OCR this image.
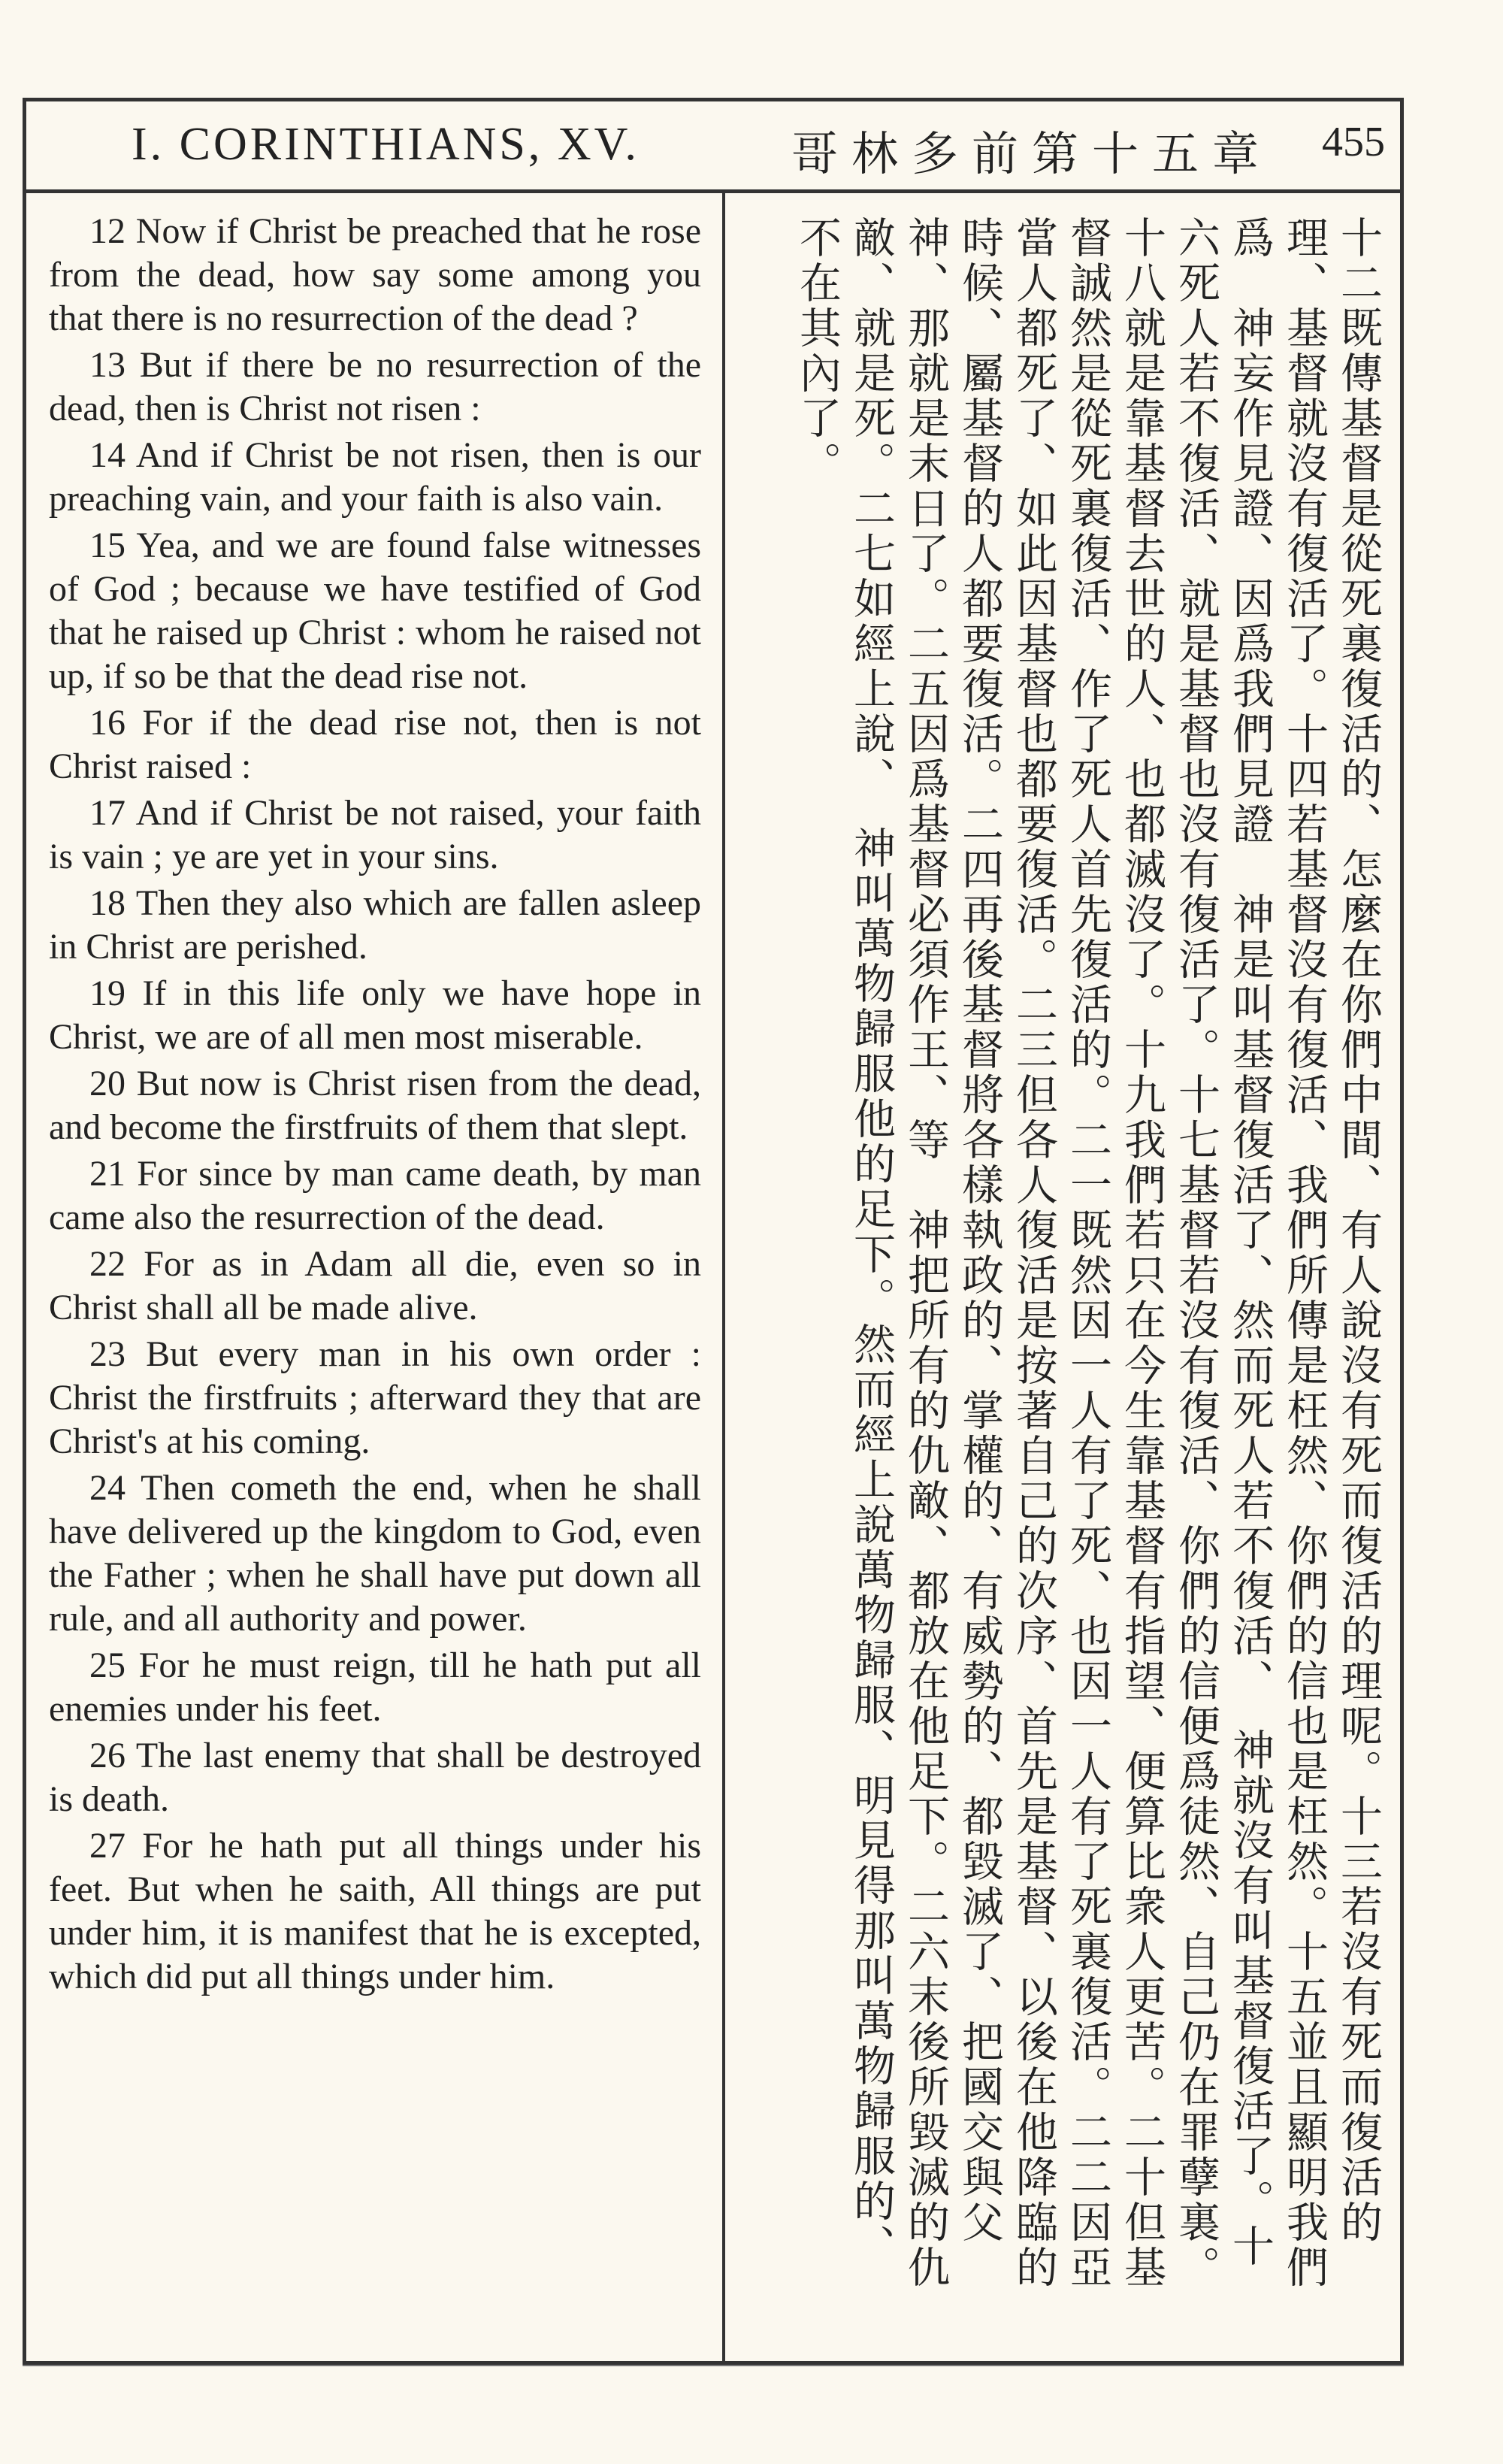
I. CORINTHIANS, XV.	哥林多前第十五章 455

12 Now if Christ be preached that he rose from the dead, how say some among you that there is no resurrection of the dead ?

13 But if there be no resurrection of the dead, then is Christ not risen :

14 And if Christ be not risen, then is our preaching vain, and your faith is also vain.

15 Yea, and we are found false witnesses of God ; because we have testified of God that he raised up Christ : whom he raised not up, if so be that the dead rise not.

16 For if the dead rise not, then is not Christ raised :

17 And if Christ be not raised, your faith is vain ; ye are yet in your sins.

18 Then they also which are fallen asleep in Christ are perished.

19 If in this life only we have hope in Christ, we are of all men most miserable.

20 But now is Christ risen from the dead, and become the firstfruits of them that slept.

21 For since by man came death, by man came also the resurrection of the dead.

22 For as in Adam all die, even so in Christ shall all be made alive.

23 But every man in his own order : Christ the firstfruits ; afterward they that are Christ's at his coming.

24 Then cometh the end, when he shall have delivered up the kingdom to God, even the Father ; when he shall have put down all rule, and all authority and power.

25 For he must reign, till he hath put all enemies under his feet.

26 The last enemy that shall be destroyed is death.

27 For he hath put all things under his feet. But when he saith, All things are put under him, it is manifest that he is excepted, which did put all things under him.	十二既傳基督是從死裏復活的、怎麼在你們中間、有人說沒有死而復活的理呢。十三若沒有死而復活的理、基督就沒有復活了。十四若基督沒有復活、我們所傳是枉然、你們的信也是枉然。十五並且顯明我們爲　神妄作見證、因爲我們見證　神是叫基督復活了、然而死人若不復活、　神就沒有叫基督復活了。十六死人若不復活、就是基督也沒有復活了。十七基督若沒有復活、你們的信便爲徒然、自己仍在罪孽裏。十八就是靠基督去世的人、也都滅沒了。十九我們若只在今生靠基督有指望、便算比衆人更苦。二十但基督誠然是從死裏復活、作了死人首先復活的。二一既然因一人有了死、也因一人有了死裏復活。二二因亞當人都死了、如此因基督也都要復活。二三但各人復活是按著自己的次序、首先是基督、以後在他降臨的時候、屬基督的人都要復活。二四再後基督將各樣執政的、掌權的、有威勢的、都毀滅了、把國交與父　神、那就是末日了。二五因爲基督必須作王、等　神把所有的仇敵、都放在他足下。二六末後所毀滅的仇敵、就是死。二七如經上說、　神叫萬物歸服他的足下。然而經上說萬物歸服、明見得那叫萬物歸服的、不在其內了。
